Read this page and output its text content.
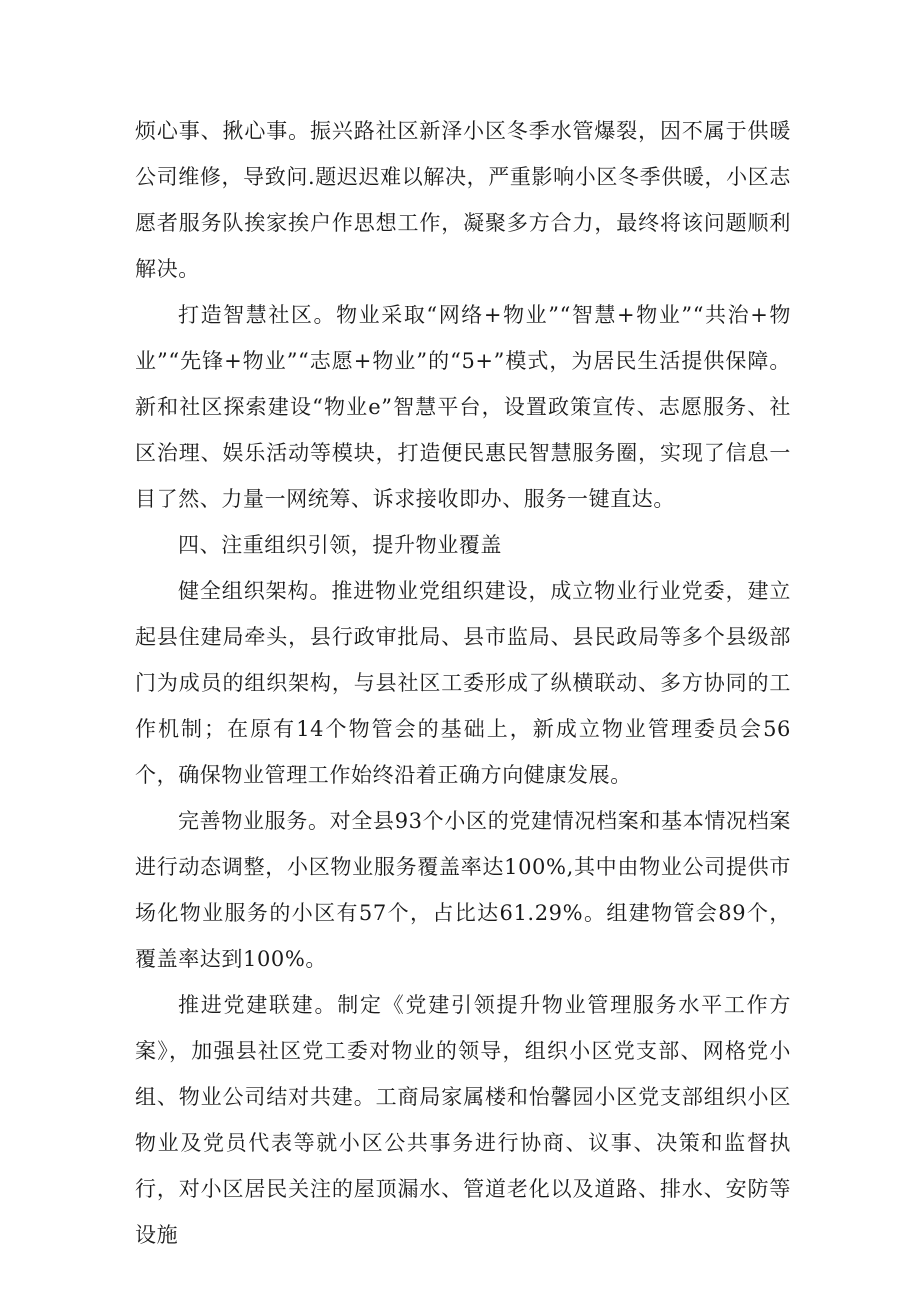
烦心事、揪心事。振兴路社区新泽小区冬季水管爆裂，因不属于供暖公司维修，导致问.题迟迟难以解决，严重影响小区冬季供暖，小区志愿者服务队挨家挨户作思想工作，凝聚多方合力，最终将该问题顺利解决。

打造智慧社区。物业采取“网络+物业”“智慧+物业”“共治+物业”“先锋+物业”“志愿+物业”的“5+”模式，为居民生活提供保障。新和社区探索建设“物业e”智慧平台，设置政策宣传、志愿服务、社区治理、娱乐活动等模块，打造便民惠民智慧服务圈，实现了信息一目了然、力量一网统筹、诉求接收即办、服务一键直达。

四、注重组织引领，提升物业覆盖

健全组织架构。推进物业党组织建设，成立物业行业党委，建立起县住建局牵头，县行政审批局、县市监局、县民政局等多个县级部门为成员的组织架构，与县社区工委形成了纵横联动、多方协同的工作机制；在原有14个物管会的基础上，新成立物业管理委员会56个，确保物业管理工作始终沿着正确方向健康发展。

完善物业服务。对全县93个小区的党建情况档案和基本情况档案进行动态调整，小区物业服务覆盖率达100%,其中由物业公司提供市场化物业服务的小区有57个，占比达61.29%。组建物管会89个，覆盖率达到100%。

推进党建联建。制定《党建引领提升物业管理服务水平工作方案》，加强县社区党工委对物业的领导，组织小区党支部、网格党小组、物业公司结对共建。工商局家属楼和怡馨园小区党支部组织小区物业及党员代表等就小区公共事务进行协商、议事、决策和监督执行，对小区居民关注的屋顶漏水、管道老化以及道路、排水、安防等设施
